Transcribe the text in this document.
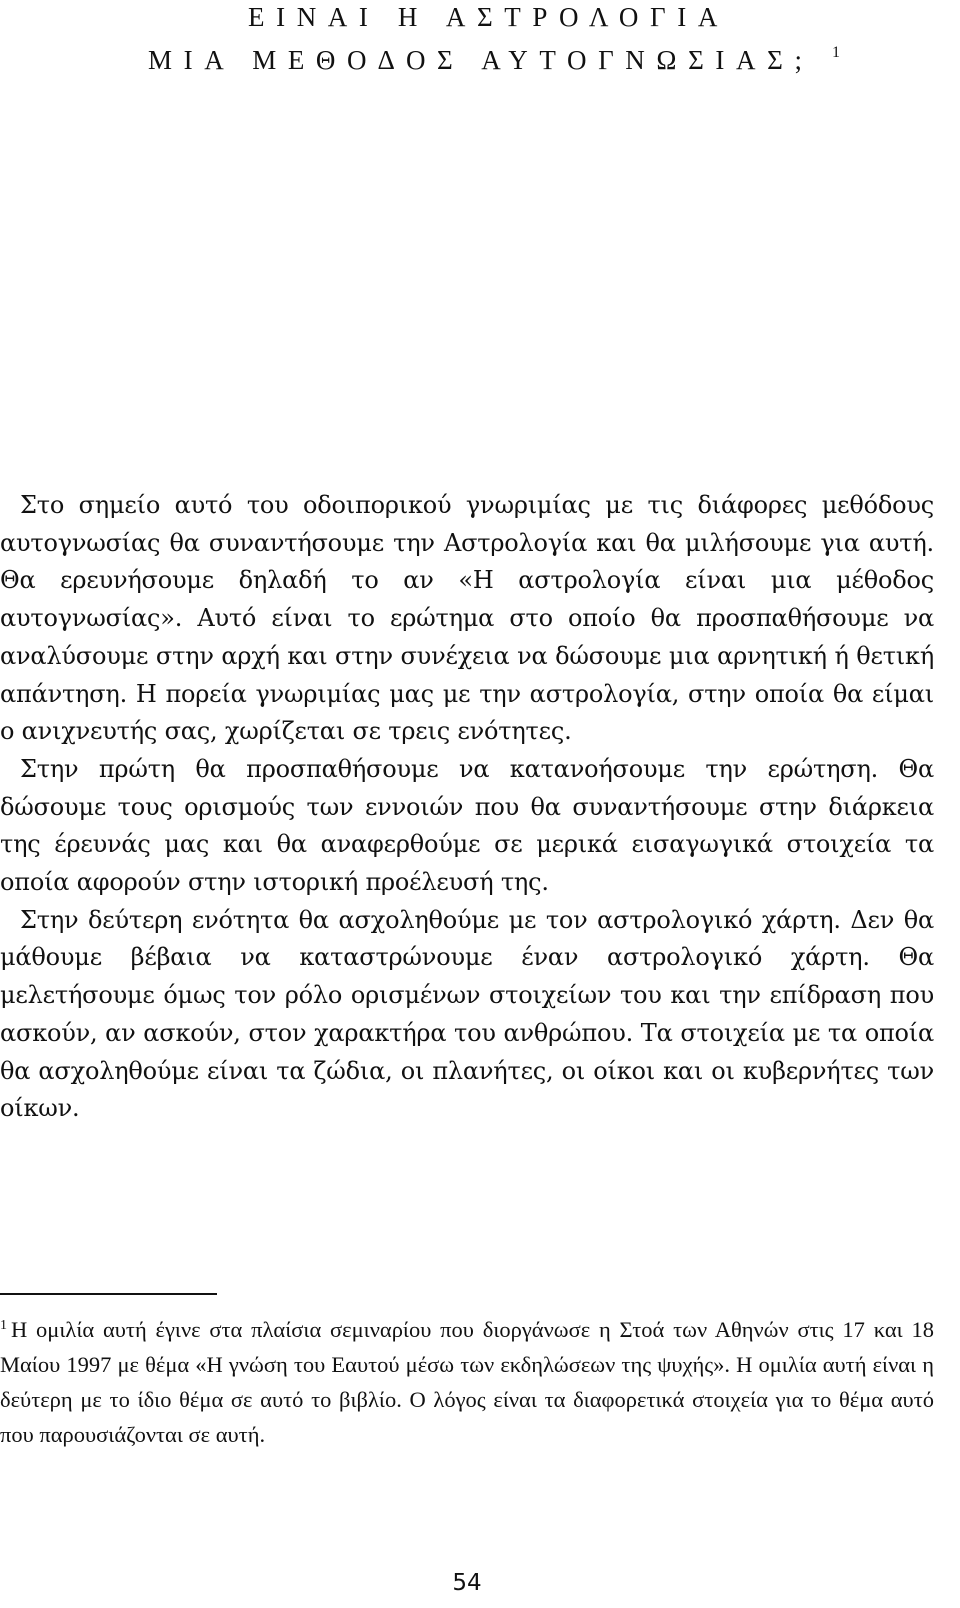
ΕΙΝΑΙ Η ΑΣΤΡΟΛΟΓΙΑ
ΜΙΑ ΜΕΘΟΔΟΣ ΑΥΤΟΓΝΩΣΙΑΣ; $^1$

Στο σημείο αυτό του οδοιπορικού γνωριμίας με τις διάφορες μεθόδους αυτογνωσίας θα συναντήσουμε την Αστρολογία και θα μιλήσουμε για αυτή. Θα ερευνήσουμε δηλαδή το αν «Η αστρολογία είναι μια μέθοδος αυτογνωσίας». Αυτό είναι το ερώτημα στο οποίο θα προσπαθήσουμε να αναλύσουμε στην αρχή και στην συνέχεια να δώσουμε μια αρνητική ή θετική απάντηση. Η πορεία γνωριμίας μας με την αστρολογία, στην οποία θα είμαι ο ανιχνευτής σας, χωρίζεται σε τρεις ενότητες.

Στην πρώτη θα προσπαθήσουμε να κατανοήσουμε την ερώτηση. Θα δώσουμε τους ορισμούς των εννοιών που θα συναντήσουμε στην διάρκεια της έρευνάς μας και θα αναφερθούμε σε μερικά εισαγωγικά στοιχεία τα οποία αφορούν στην ιστορική προέλευσή της.

Στην δεύτερη ενότητα θα ασχοληθούμε με τον αστρολογικό χάρτη. Δεν θα μάθουμε βέβαια να καταστρώνουμε έναν αστρολογικό χάρτη. Θα μελετήσουμε όμως τον ρόλο ορισμένων στοιχείων του και την επίδραση που ασκούν, αν ασκούν, στον χαρακτήρα του ανθρώπου. Τα στοιχεία με τα οποία θα ασχοληθούμε είναι τα ζώδια, οι πλανήτες, οι οίκοι και οι κυβερνήτες των οίκων.

$^1$ Η ομιλία αυτή έγινε στα πλαίσια σεμιναρίου που διοργάνωσε η Στοά των Αθηνών στις 17 και 18 Μαίου 1997 με θέμα «Η γνώση του Εαυτού μέσω των εκδηλώσεων της ψυχής». Η ομιλία αυτή είναι η δεύτερη με το ίδιο θέμα σε αυτό το βιβλίο. Ο λόγος είναι τα διαφορετικά στοιχεία για το θέμα αυτό που παρουσιάζονται σε αυτή.

54
